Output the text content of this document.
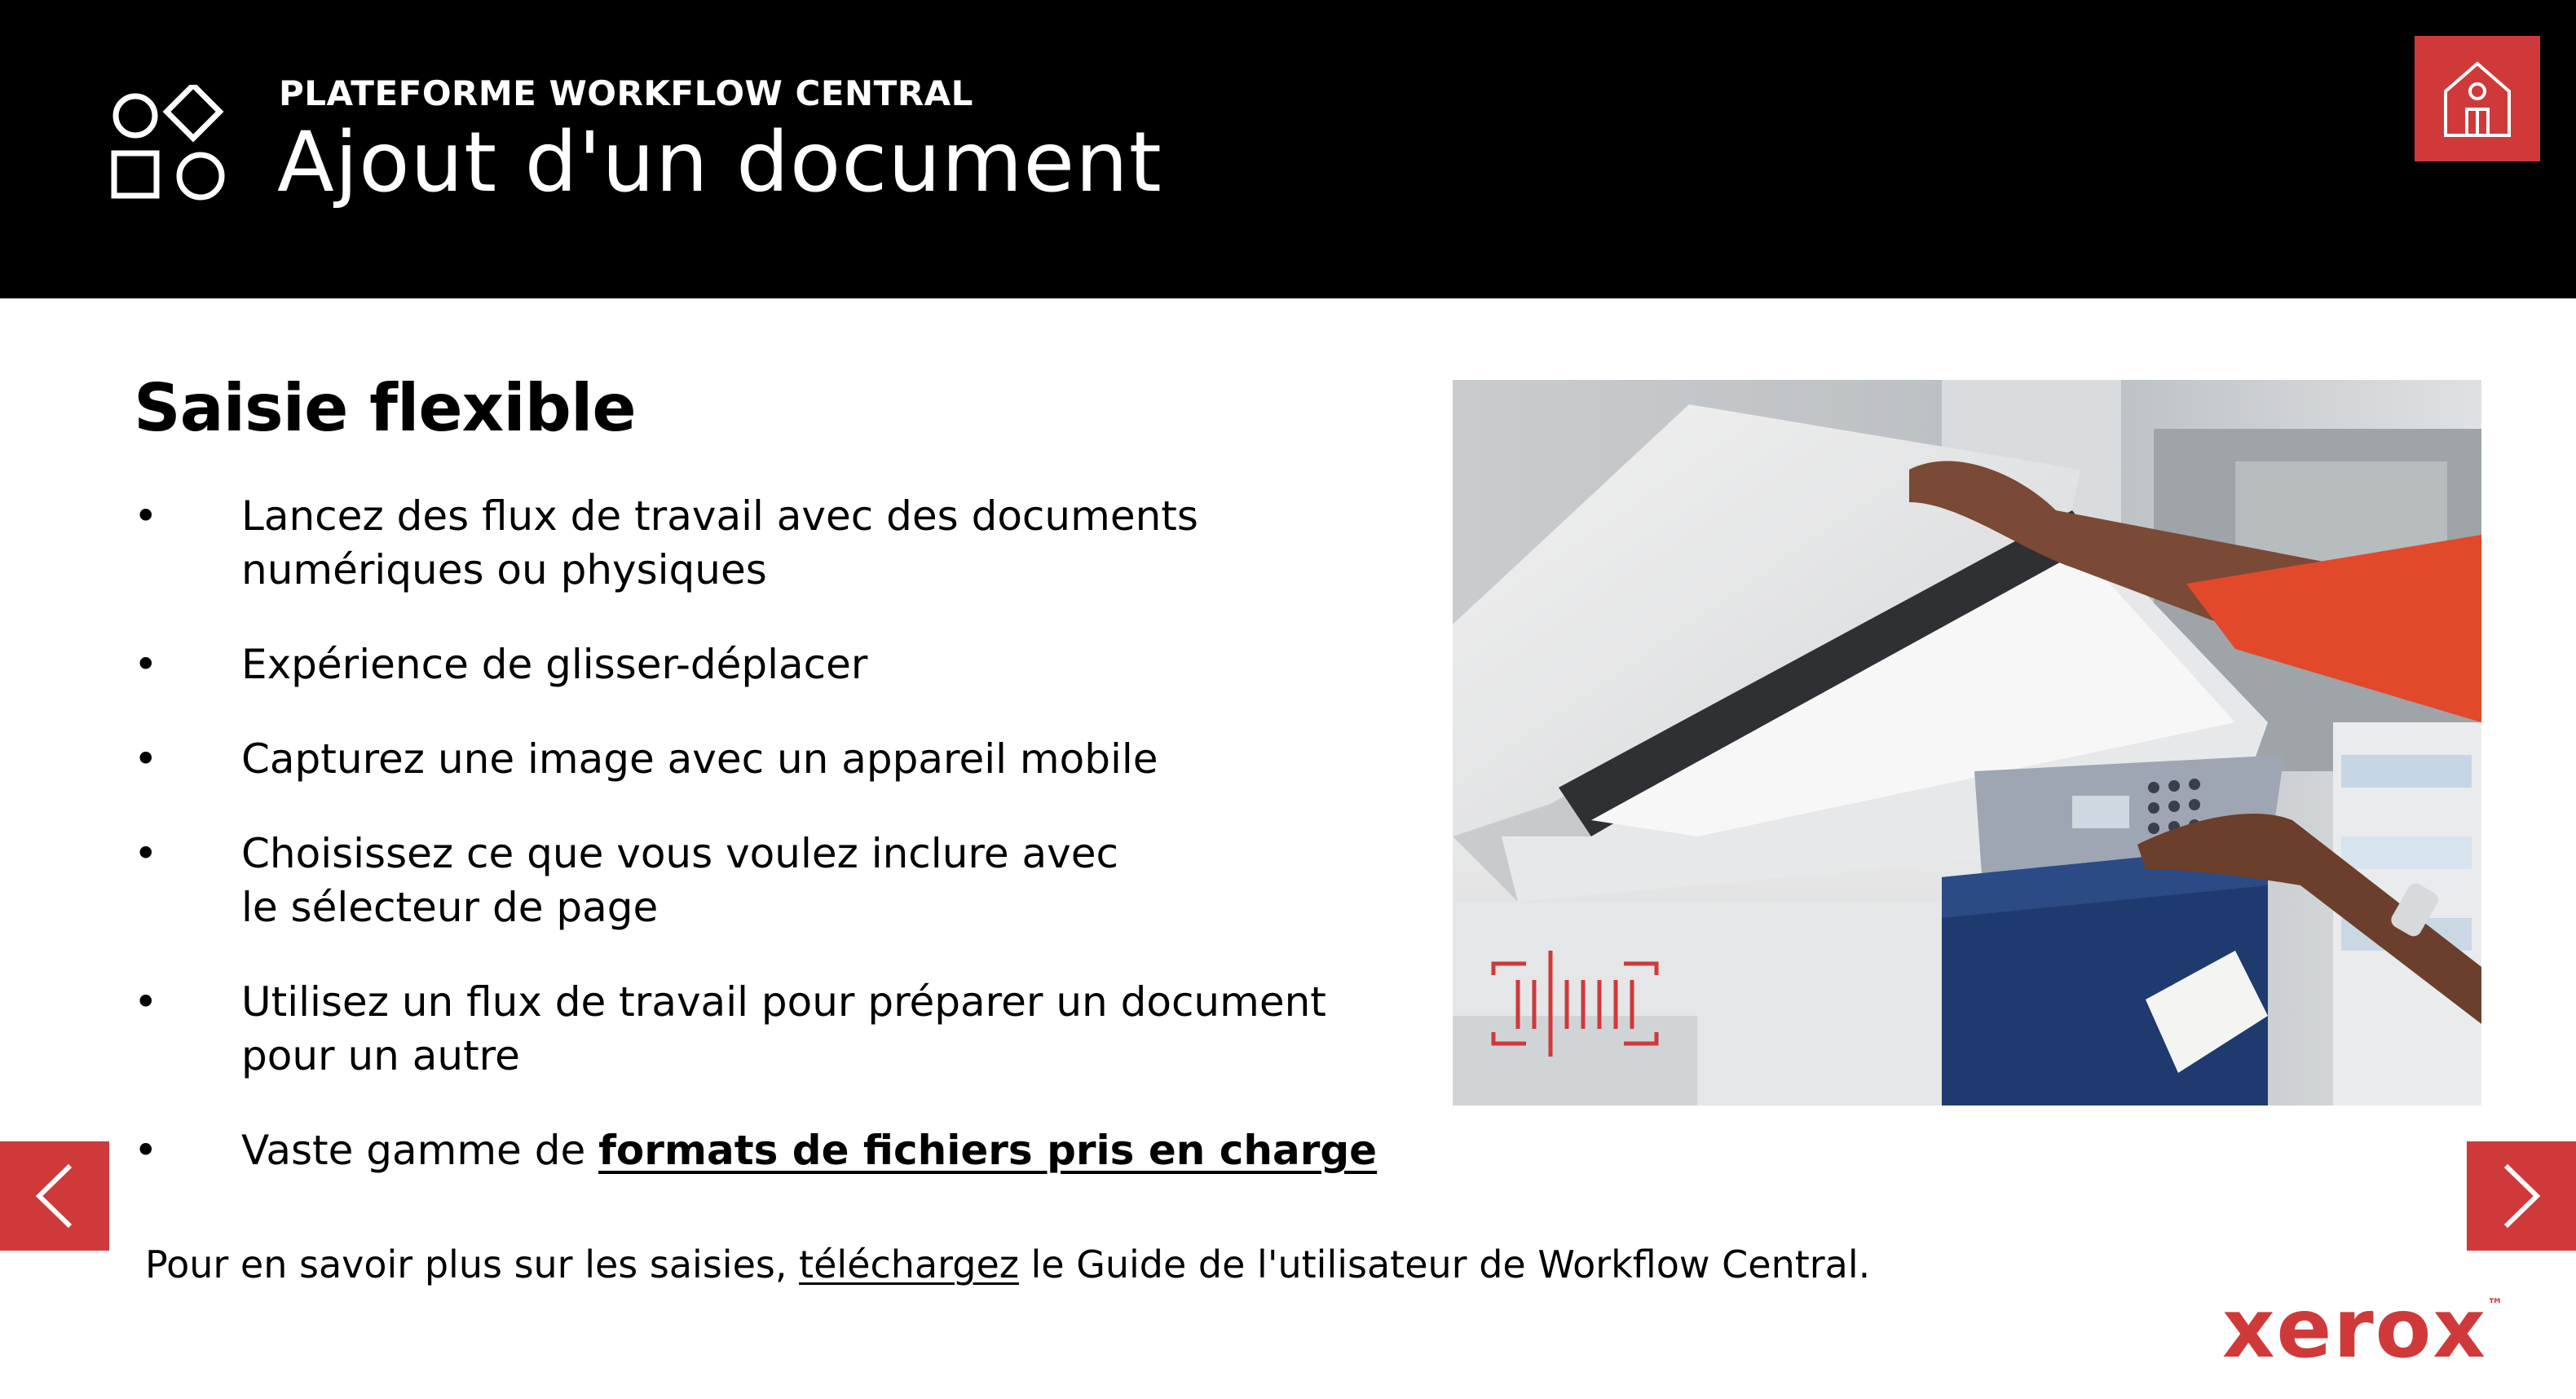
PLATEFORME WORKFLOW CENTRAL
Ajout d'un document
Saisie flexible
• Lancez des flux de travail avec des documents numériques ou physiques
• Expérience de glisser-déplacer
• Capturez une image avec un appareil mobile
• Choisissez ce que vous voulez inclure avec le sélecteur de page
• Utilisez un flux de travail pour préparer un document pour un autre
• Vaste gamme de formats de fichiers pris en charge
Pour en savoir plus sur les saisies, téléchargez le Guide de l'utilisateur de Workflow Central.
xerox™
